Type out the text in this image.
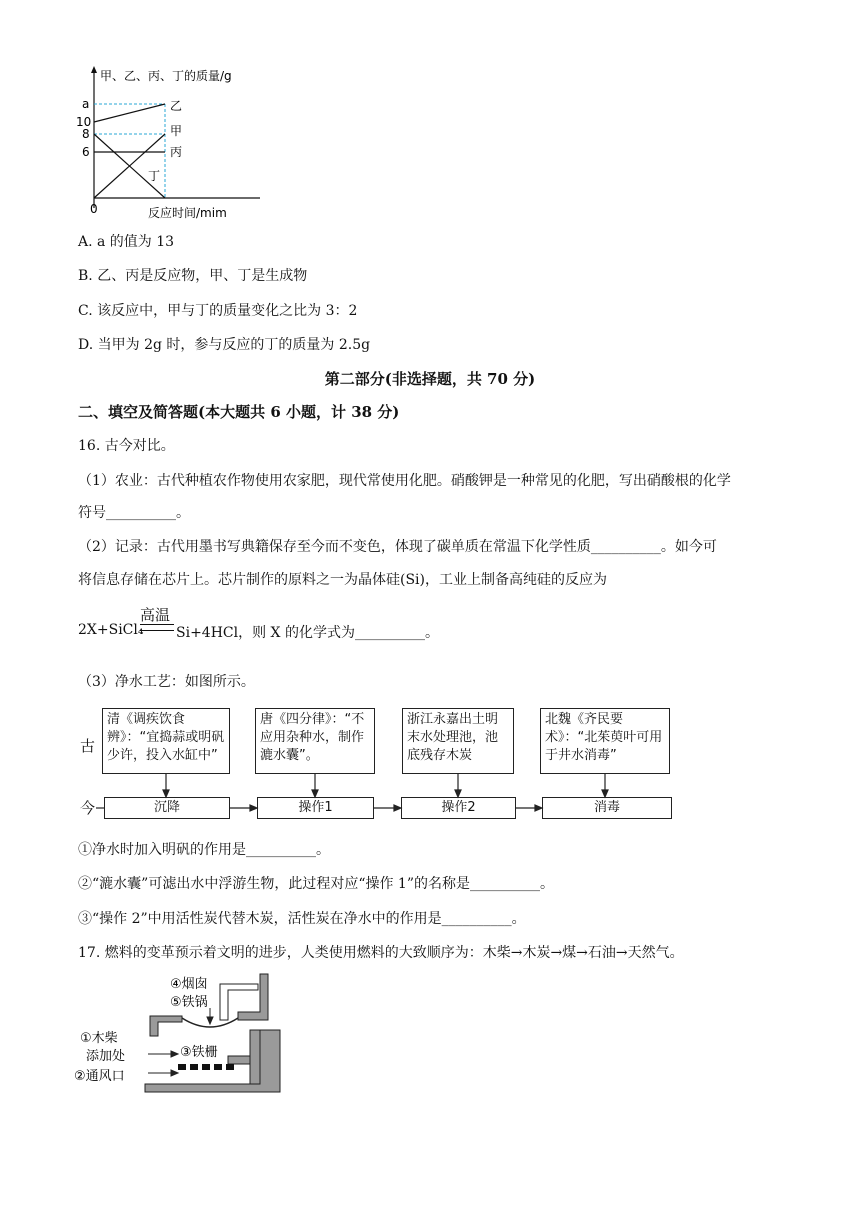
甲、乙、丙、丁的质量/g
a
10
8
6
0
乙
甲
丙
丁
反应时间/mim
A. a 的值为 13
B. 乙、丙是反应物，甲、丁是生成物
C. 该反应中，甲与丁的质量变化之比为 3：2
D. 当甲为 2g 时，参与反应的丁的质量为 2.5g
第二部分(非选择题，共 70 分)
二、填空及简答题(本大题共 6 小题，计 38 分)
16. 古今对比。
（1）农业：古代种植农作物使用农家肥，现代常使用化肥。硝酸钾是一种常见的化肥，写出硝酸根的化学
符号__________。
（2）记录：古代用墨书写典籍保存至今而不变色，体现了碳单质在常温下化学性质__________。如今可
将信息存储在芯片上。芯片制作的原料之一为晶体硅(Si)，工业上制备高纯硅的反应为
2X+SiCl₄
高温
Si+4HCl，则 X 的化学式为__________。
（3）净水工艺：如图所示。
古
今
清《调疾饮食辨》：“宜捣蒜或明矾少许，投入水缸中”
唐《四分律》：“不应用杂种水，制作漉水囊”。
浙江永嘉出土明末水处理池，池底残存木炭
北魏《齐民要术》：“北茱萸叶可用于井水消毒”
沉降	操作1	操作2	消毒
①净水时加入明矾的作用是__________。
②“漉水囊”可滤出水中浮游生物，此过程对应“操作 1”的名称是__________。
③“操作 2”中用活性炭代替木炭，活性炭在净水中的作用是__________。
17. 燃料的变革预示着文明的进步，人类使用燃料的大致顺序为：木柴→木炭→煤→石油→天然气。
④烟囱
⑤铁锅
①木柴
添加处	③铁栅
②通风口
